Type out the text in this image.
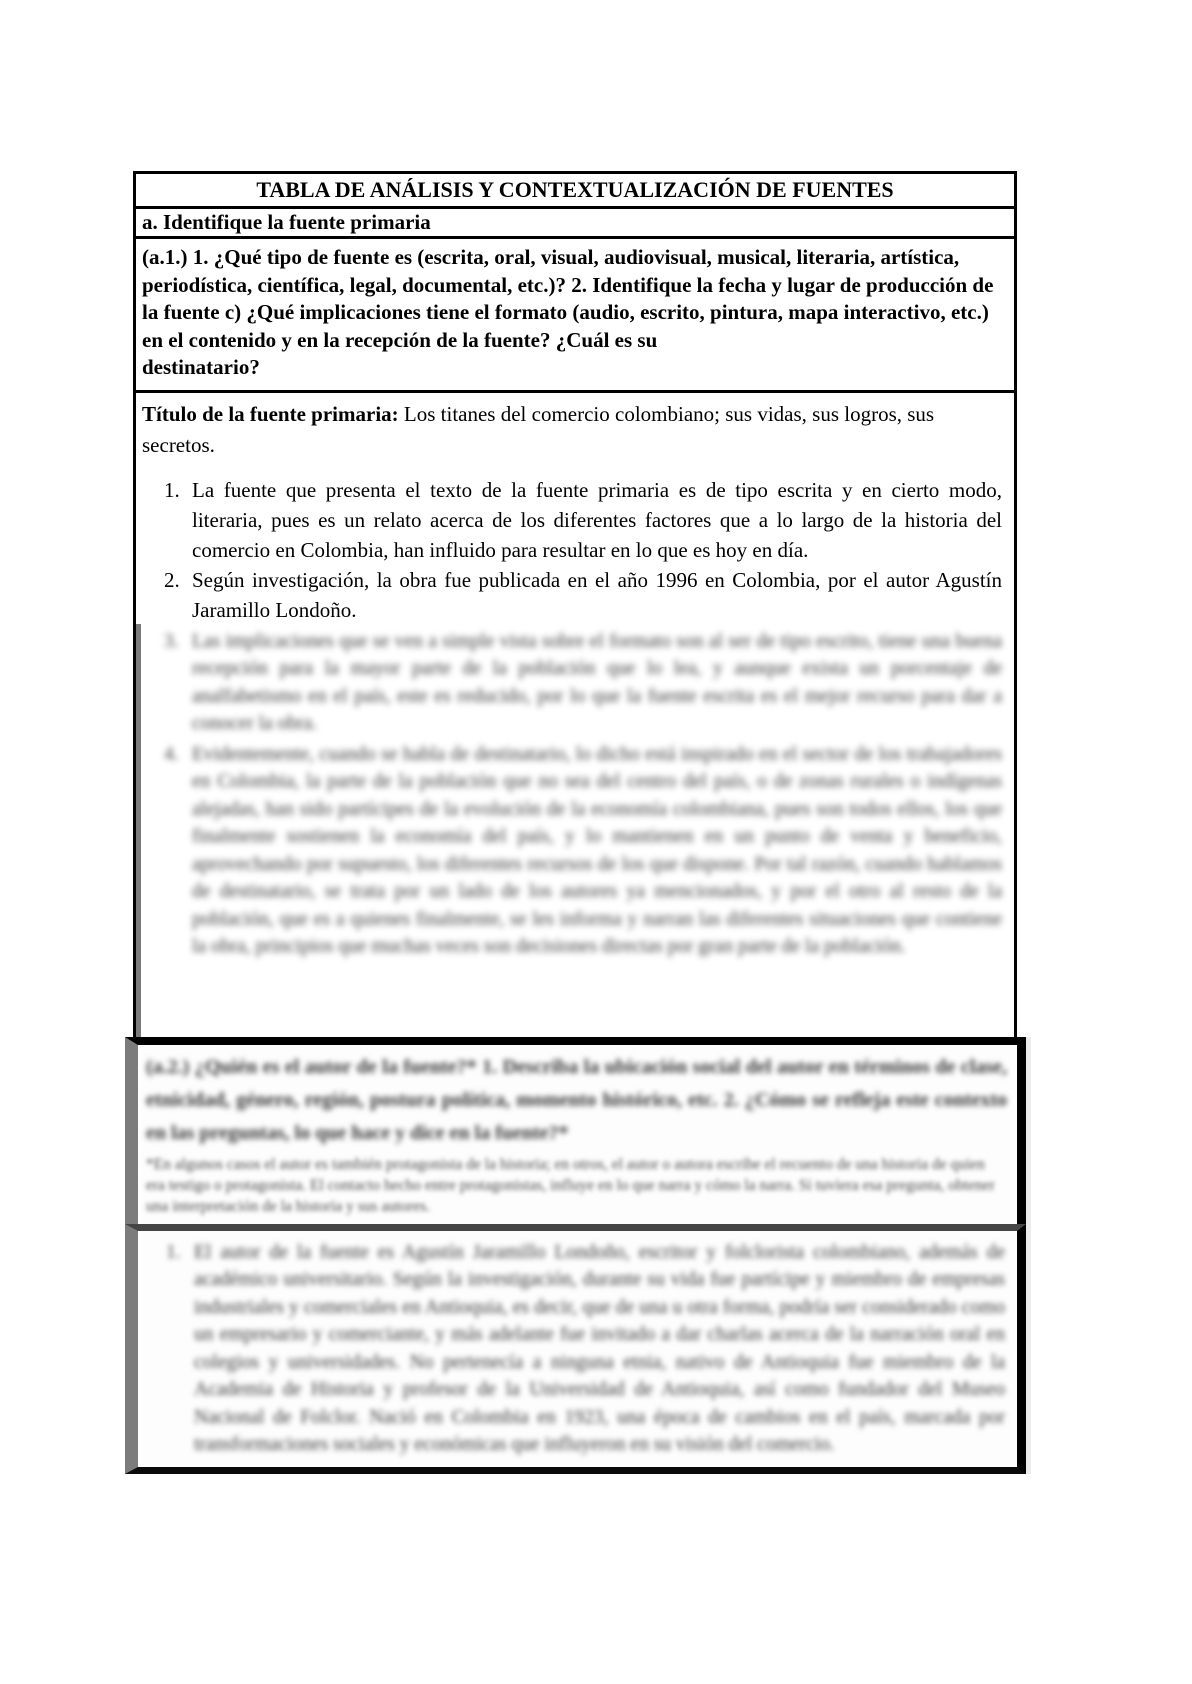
TABLA DE ANÁLISIS Y CONTEXTUALIZACIÓN DE FUENTES
a. Identifique la fuente primaria
(a.1.) 1. ¿Qué tipo de fuente es (escrita, oral, visual, audiovisual, musical, literaria, artística, periodística, científica, legal, documental, etc.)? 2. Identifique la fecha y lugar de producción de la fuente c) ¿Qué implicaciones tiene el formato (audio, escrito, pintura, mapa interactivo, etc.) en el contenido y en la recepción de la fuente? ¿Cuál es su
destinatario?

Título de la fuente primaria: Los titanes del comercio colombiano; sus vidas, sus logros, sus secretos.

1. La fuente que presenta el texto de la fuente primaria es de tipo escrita y en cierto modo, literaria, pues es un relato acerca de los diferentes factores que a lo largo de la historia del comercio en Colombia, han influido para resultar en lo que es hoy en día.
2. Según investigación, la obra fue publicada en el año 1996 en Colombia, por el autor Agustín Jaramillo Londoño.
3. Las implicaciones que se ven a simple vista sobre el formato son al ser de tipo escrito, tiene una buena recepción para la mayor parte de la población que lo lea, y aunque exista un porcentaje de analfabetismo en el país, este es reducido, por lo que la fuente escrita es el mejor recurso para dar a conocer la obra.
4. Evidentemente, cuando se habla de destinatario, lo dicho está inspirado en el sector de los trabajadores en Colombia, la parte de la población que no sea del centro del país, o de zonas rurales o indígenas alejadas, han sido partícipes de la evolución de la economía colombiana, pues son todos ellos, los que finalmente sostienen la economía del país, y lo mantienen en un punto de venta y beneficio, aprovechando por supuesto, los diferentes recursos de los que dispone. Por tal razón, cuando hablamos de destinatario, se trata por un lado de los autores ya mencionados, y por el otro al resto de la población, que es a quienes finalmente, se les informa y narran las diferentes situaciones que contiene la obra, principios que muchas veces son decisiones directas por gran parte de la población.

(a.2.) ¿Quién es el autor de la fuente?* 1. Describa la ubicación social del autor en términos de clase, etnicidad, género, región, postura política, momento histórico, etc. 2. ¿Cómo se refleja este contexto en las preguntas, lo que hace y dice en la fuente?*

*En algunos casos el autor es también protagonista de la historia; en otros, el autor o autora escribe el recuento de una historia de quien era testigo o protagonista. El contacto hecho entre protagonistas, influye en lo que narra y cómo la narra. Si tuviera esa pregunta, obtener una interpretación de la historia y sus autores.

1. El autor de la fuente es Agustín Jaramillo Londoño, escritor y folclorista colombiano, además de académico universitario. Según la investigación, durante su vida fue partícipe y miembro de empresas industriales y comerciales en Antioquia, es decir, que de una u otra forma, podría ser considerado como un empresario y comerciante, y más adelante fue invitado a dar charlas acerca de la narración oral en colegios y universidades. No pertenecía a ninguna etnia, nativo de Antioquia fue miembro de la Academia de Historia y profesor de la Universidad de Antioquia, así como fundador del Museo Nacional de Folclor. Nació en Colombia en 1923, una época de cambios en el país, marcada por transformaciones sociales y económicas que influyeron en su visión del comercio.
